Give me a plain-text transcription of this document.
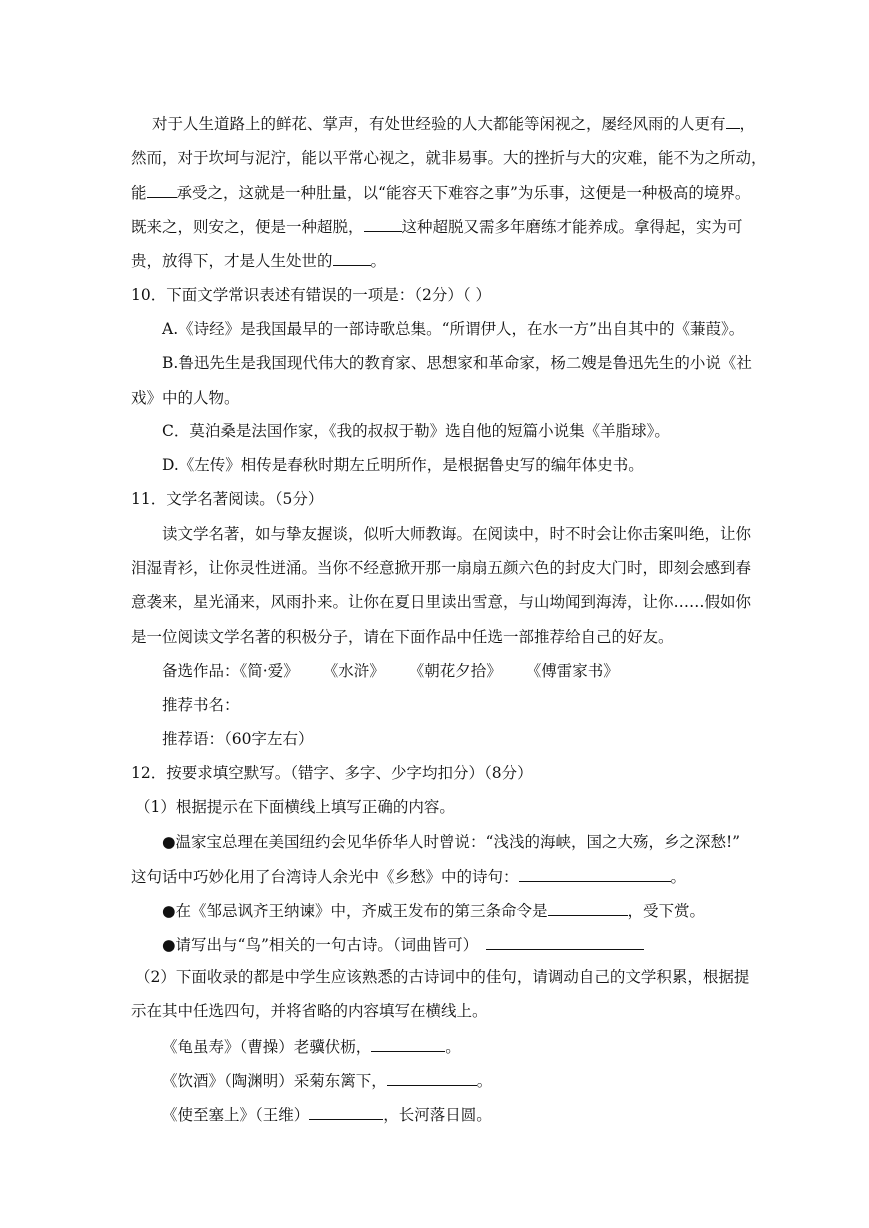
对于人生道路上的鲜花、掌声，有处世经验的人大都能等闲视之，屡经风雨的人更有 ，
然而，对于坎坷与泥泞，能以平常心视之，就非易事。大的挫折与大的灾难，能不为之所动，
能 承受之，这就是一种肚量，以“能容天下难容之事”为乐事，这便是一种极高的境界。
既来之，则安之，便是一种超脱， 这种超脱又需多年磨练才能养成。拿得起，实为可
贵，放得下，才是人生处世的 。
10．下面文学常识表述有错误的一项是：（2分）（ ）
A.《诗经》是我国最早的一部诗歌总集。“所谓伊人，在水一方”出自其中的《蒹葭》。
B.鲁迅先生是我国现代伟大的教育家、思想家和革命家，杨二嫂是鲁迅先生的小说《社
戏》中的人物。
C．莫泊桑是法国作家，《我的叔叔于勒》选自他的短篇小说集《羊脂球》。
D.《左传》相传是春秋时期左丘明所作，是根据鲁史写的编年体史书。
11．文学名著阅读。（5分）
读文学名著，如与挚友握谈，似听大师教诲。在阅读中，时不时会让你击案叫绝，让你
泪湿青衫，让你灵性迸涌。当你不经意掀开那一扇扇五颜六色的封皮大门时，即刻会感到春
意袭来，星光涌来，风雨扑来。让你在夏日里读出雪意，与山坳闻到海涛，让你……假如你
是一位阅读文学名著的积极分子，请在下面作品中任选一部推荐给自己的好友。
备选作品：《简·爱》 《水浒》 《朝花夕拾》 《傅雷家书》
推荐书名：
推荐语：（60字左右）
12．按要求填空默写。（错字、多字、少字均扣分）（8分）
（1）根据提示在下面横线上填写正确的内容。
●温家宝总理在美国纽约会见华侨华人时曾说：“浅浅的海峡，国之大殇，乡之深愁!”
这句话中巧妙化用了台湾诗人余光中《乡愁》中的诗句：	。
●在《邹忌讽齐王纳谏》中，齐威王发布的第三条命令是	，受下赏。
●请写出与“鸟”相关的一句古诗。（词曲皆可）
（2）下面收录的都是中学生应该熟悉的古诗词中的佳句，请调动自己的文学积累，根据提
示在其中任选四句，并将省略的内容填写在横线上。
《龟虽寿》（曹操）老骥伏枥，	。
《饮酒》（陶渊明）采菊东篱下，	。
《使至塞上》（王维）	，长河落日圆。
